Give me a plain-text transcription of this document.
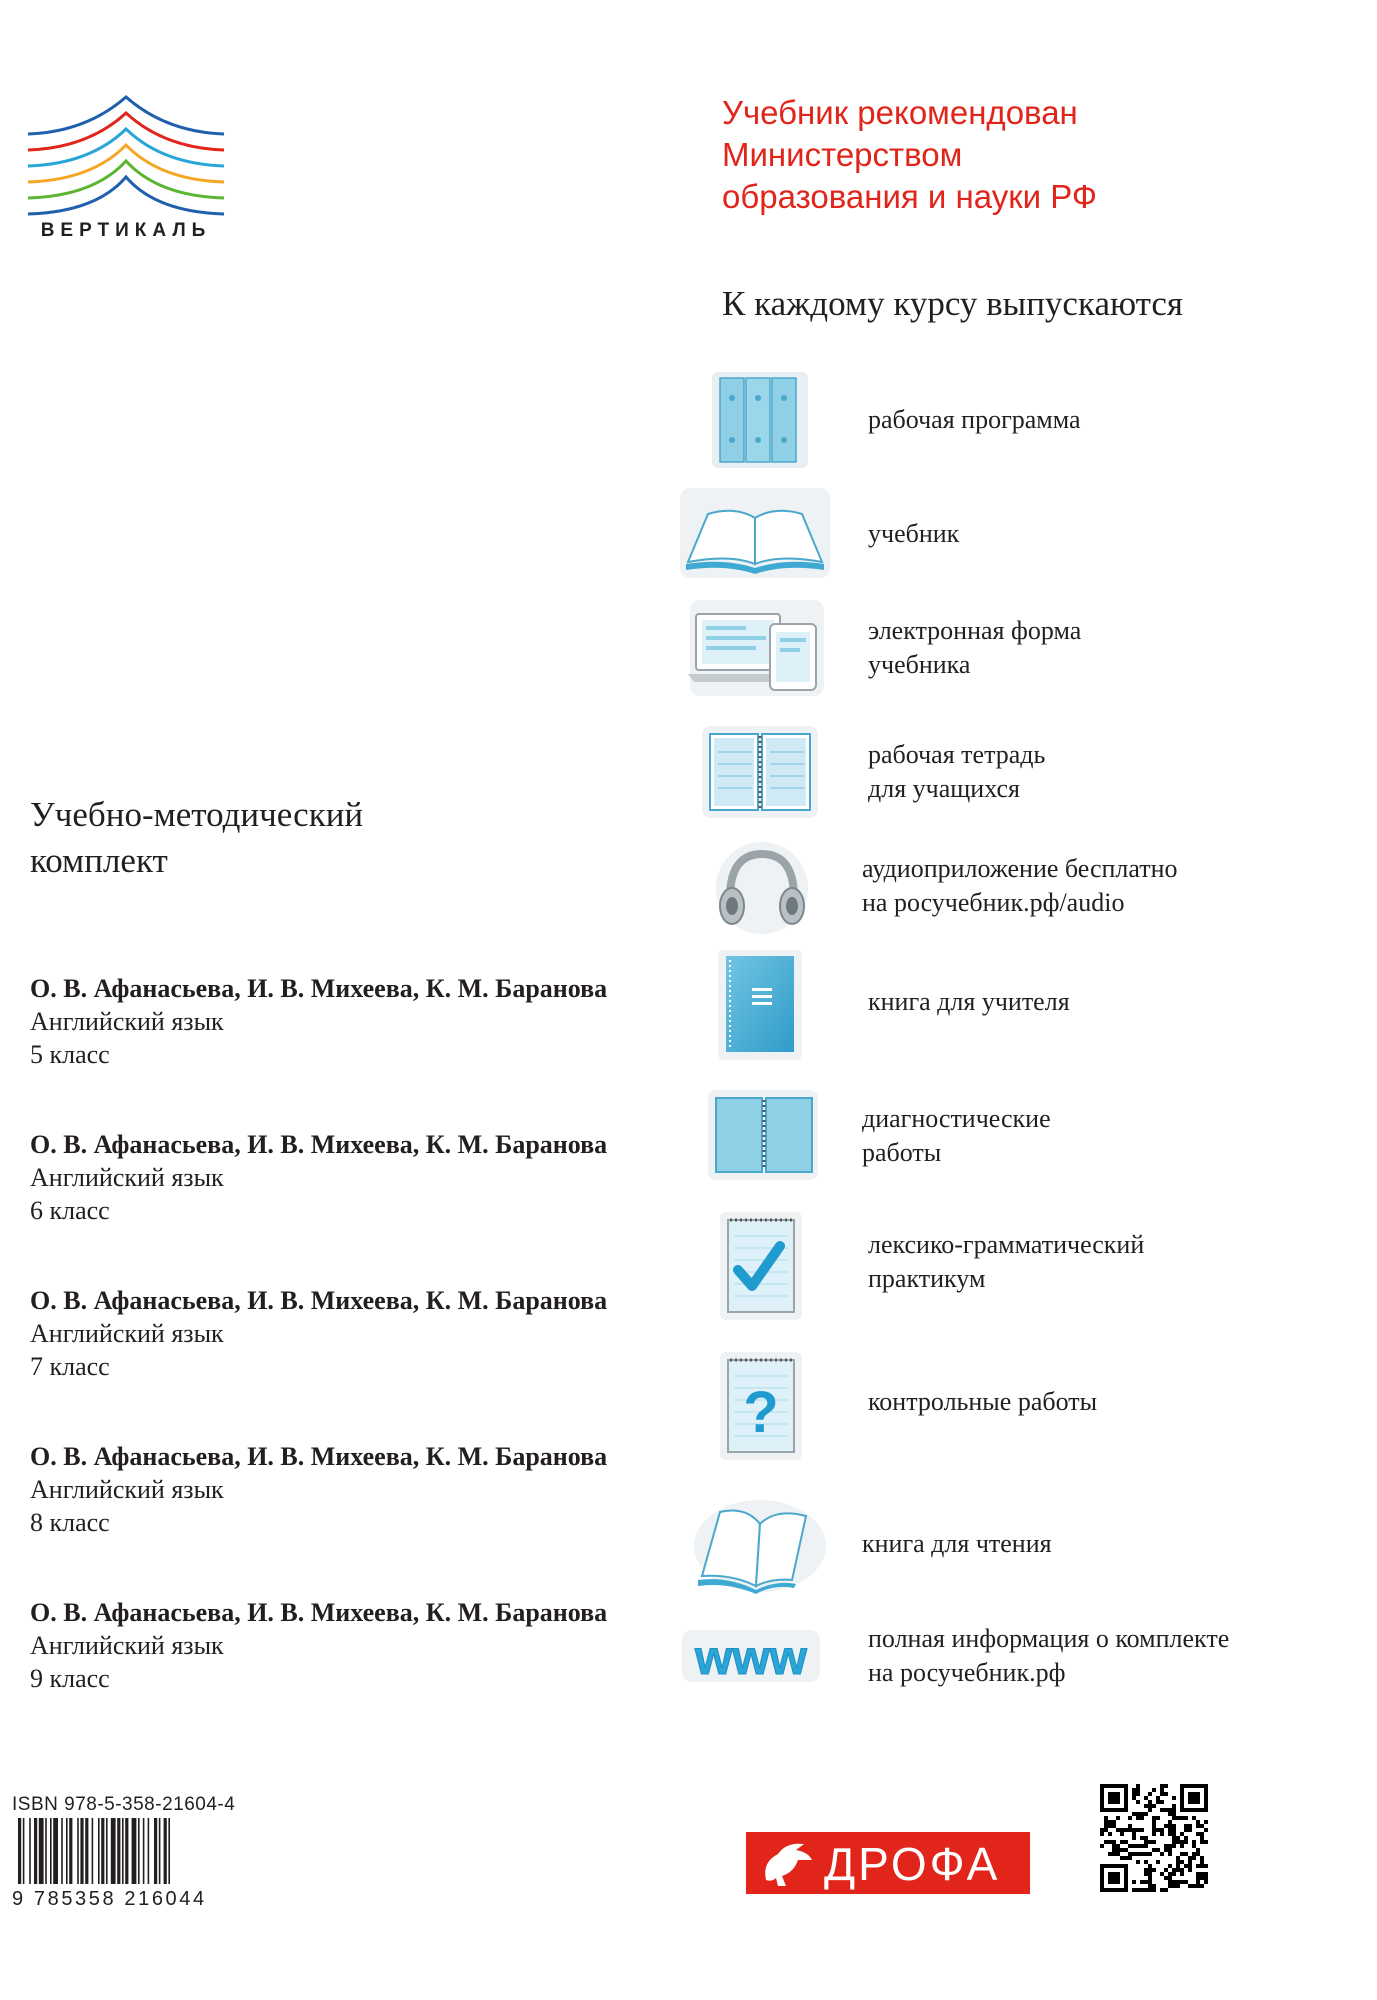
ВЕРТИКАЛЬ
Учебник рекомендован
Министерством
образования и науки РФ
К каждому курсу выпускаются
рабочая программа
учебник
электронная форма
учебника
рабочая тетрадь
для учащихся
аудиоприложение бесплатно
на росучебник.рф/audio
книга для учителя
диагностические
работы
лексико-грамматический
практикум
?	контрольные работы
книга для чтения
www полная информация о комплекте
на росучебник.рф
Учебно-методический
комплект
О. В. Афанасьева, И. В. Михеева, К. М. Баранова
Английский язык
5 класс
О. В. Афанасьева, И. В. Михеева, К. М. Баранова
Английский язык
6 класс
О. В. Афанасьева, И. В. Михеева, К. М. Баранова
Английский язык
7 класс
О. В. Афанасьева, И. В. Михеева, К. М. Баранова
Английский язык
8 класс
О. В. Афанасьева, И. В. Михеева, К. М. Баранова
Английский язык
9 класс
ISBN 978-5-358-21604-4
9 785358 216044
ДРОФА
